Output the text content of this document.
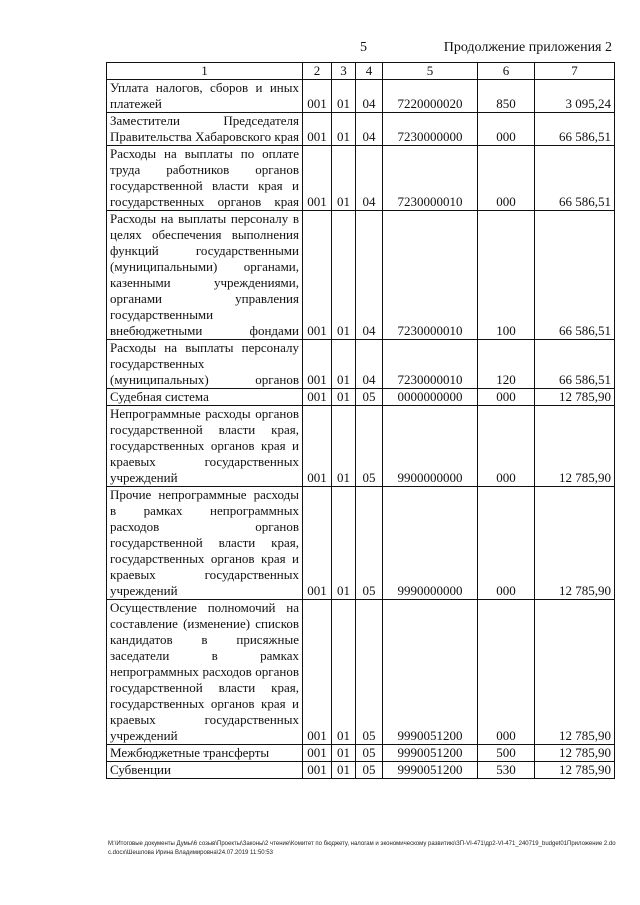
5	Продолжение приложения 2
1	2	3	4	5	6	7
Уплата налогов, сборов и иных платежей	001	01	04	7220000020	850	3 095,24
Заместители Председателя Правительства Хабаровского края	001	01	04	7230000000	000	66 586,51
Расходы на выплаты по оплате труда работников органов государственной власти края и государственных органов края	001	01	04	7230000010	000	66 586,51
Расходы на выплаты персоналу в целях обеспечения выполнения функций государственными (муниципальными) органами, казенными учреждениями, органами управления государственными внебюджетными фондами	001	01	04	7230000010	100	66 586,51
Расходы на выплаты персоналу государственных (муниципальных) органов	001	01	04	7230000010	120	66 586,51
Судебная система	001	01	05	0000000000	000	12 785,90
Непрограммные расходы органов государственной власти края, государственных органов края и краевых государственных учреждений	001	01	05	9900000000	000	12 785,90
Прочие непрограммные расходы в рамках непрограммных расходов органов государственной власти края, государственных органов края и краевых государственных учреждений	001	01	05	9990000000	000	12 785,90
Осуществление полномочий на составление (изменение) списков кандидатов в присяжные заседатели в рамках непрограммных расходов органов государственной власти края, государственных органов края и краевых государственных учреждений	001	01	05	9990051200	000	12 785,90
Межбюджетные трансферты	001	01	05	9990051200	500	12 785,90
Субвенции	001	01	05	9990051200	530	12 785,90
М:\Итоговые документы Думы\6 созыв\Проекты\Законы\2 чтение\Комитет по бюджету, налогам и экономическому развитию\ЗП-VI-471\др2-VI-471_240719_budget01Приложение 2.doc.docx\Шешлова Ирина Владимировна\24.07.2019 11:50:53
